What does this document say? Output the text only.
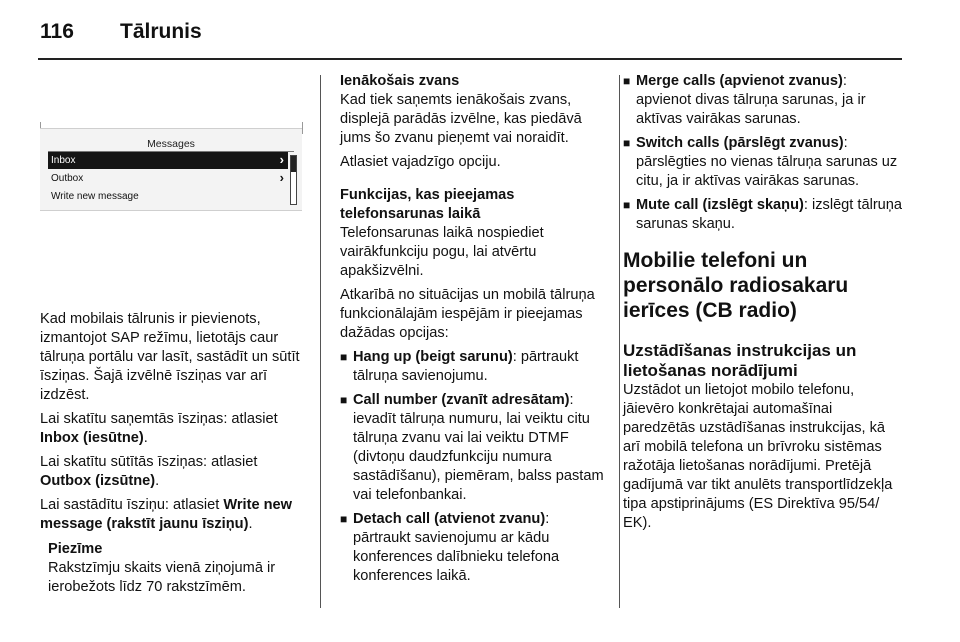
116	Tālrunis
Messages
Inbox	›
Outbox	›
Write new message

Kad mobilais tālrunis ir pievienots, izmantojot SAP režīmu, lietotājs caur tālruņa portālu var lasīt, sastādīt un sūtīt īsziņas. Šajā izvēlnē īsziņas var arī izdzēst.

Lai skatītu saņemtās īsziņas: atlasiet Inbox (iesūtne).

Lai skatītu sūtītās īsziņas: atlasiet Outbox (izsūtne).

Lai sastādītu īsziņu: atlasiet Write new message (rakstīt jaunu īsziņu).

Piezīme
Rakstzīmju skaits vienā ziņojumā ir ierobežots līdz 70 rakstzīmēm.
Ienākošais zvans

Kad tiek saņemts ienākošais zvans, displejā parādās izvēlne, kas piedāvā jums šo zvanu pieņemt vai noraidīt.

Atlasiet vajadzīgo opciju.

Funkcijas, kas pieejamas telefonsarunas laikā

Telefonsarunas laikā nospiediet vairākfunkciju pogu, lai atvērtu apakšizvēlni.

Atkarībā no situācijas un mobilā tālruņa funkcionālajām iespējām ir pieejamas dažādas opcijas:

■ Hang up (beigt sarunu): pārtraukt tālruņa savienojumu.
■ Call number (zvanīt adresātam): ievadīt tālruņa numuru, lai veiktu citu tālruņa zvanu vai lai veiktu DTMF (divtoņu daudzfunkciju numura sastādīšanu), piemēram, balss pastam vai telefonbankai.
■ Detach call (atvienot zvanu): pārtraukt savienojumu ar kādu konferences dalībnieku telefona konferences laikā.
■ Merge calls (apvienot zvanus): apvienot divas tālruņa sarunas, ja ir aktīvas vairākas sarunas.
■ Switch calls (pārslēgt zvanus): pārslēgties no vienas tālruņa sarunas uz citu, ja ir aktīvas vairākas sarunas.
■ Mute call (izslēgt skaņu): izslēgt tālruņa sarunas skaņu.
Mobilie telefoni un personālo radiosakaru ierīces (CB radio)
Uzstādīšanas instrukcijas un lietošanas norādījumi

Uzstādot un lietojot mobilo telefonu, jāievēro konkrētajai automašīnai paredzētās uzstādīšanas instrukcijas, kā arī mobilā telefona un brīvroku sistēmas ražotāja lietošanas norādījumi. Pretējā gadījumā var tikt anulēts transportlīdzekļa tipa apstiprinājums (ES Direktīva 95/54/ EK).
